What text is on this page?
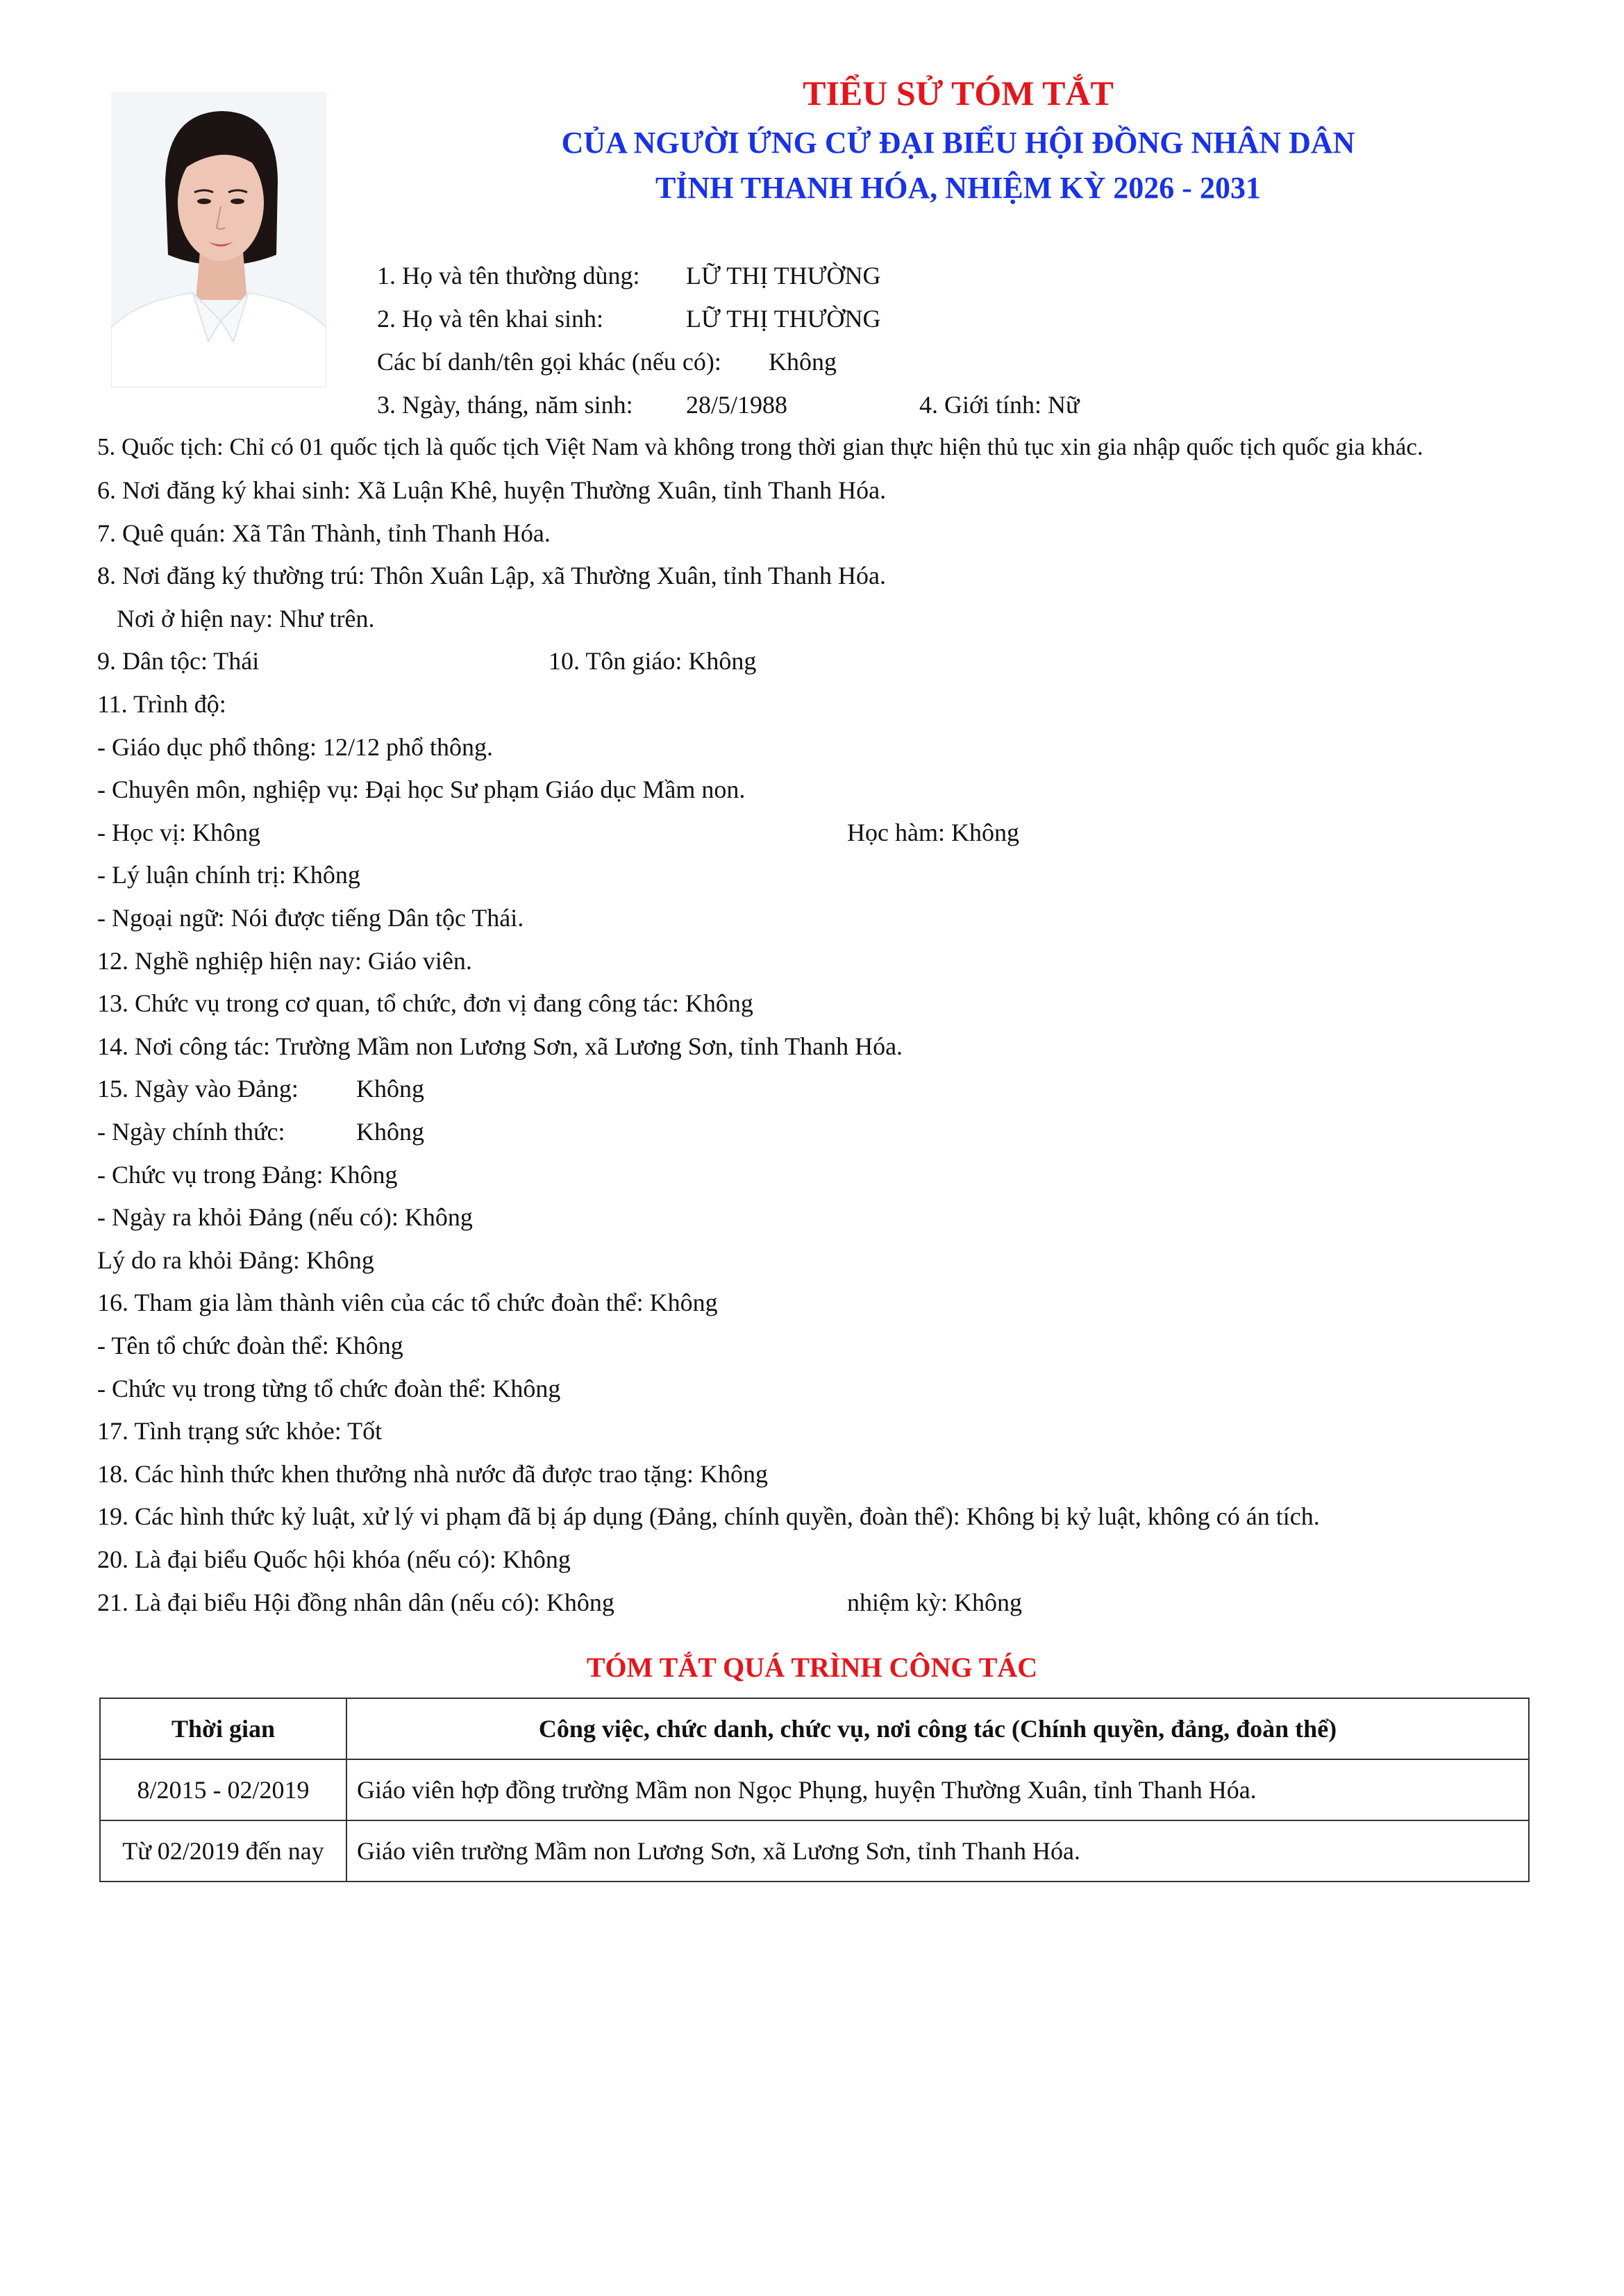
TIỂU SỬ TÓM TẮT
CỦA NGƯỜI ỨNG CỬ ĐẠI BIỂU HỘI ĐỒNG NHÂN DÂN
TỈNH THANH HÓA, NHIỆM KỲ 2026 - 2031
1. Họ và tên thường dùng: LỮ THỊ THƯỜNG
2. Họ và tên khai sinh:	LỮ THỊ THƯỜNG
Các bí danh/tên gọi khác (nếu có): Không
3. Ngày, tháng, năm sinh: 28/5/1988	4. Giới tính: Nữ
5. Quốc tịch: Chỉ có 01 quốc tịch là quốc tịch Việt Nam và không trong thời gian thực hiện thủ tục xin gia nhập quốc tịch quốc gia khác.
6. Nơi đăng ký khai sinh: Xã Luận Khê, huyện Thường Xuân, tỉnh Thanh Hóa.
7. Quê quán: Xã Tân Thành, tỉnh Thanh Hóa.
8. Nơi đăng ký thường trú: Thôn Xuân Lập, xã Thường Xuân, tỉnh Thanh Hóa.
Nơi ở hiện nay: Như trên.
9. Dân tộc: Thái	10. Tôn giáo: Không
11. Trình độ:
- Giáo dục phổ thông: 12/12 phổ thông.
- Chuyên môn, nghiệp vụ: Đại học Sư phạm Giáo dục Mầm non.
- Học vị: Không	Học hàm: Không
- Lý luận chính trị: Không
- Ngoại ngữ: Nói được tiếng Dân tộc Thái.
12. Nghề nghiệp hiện nay: Giáo viên.
13. Chức vụ trong cơ quan, tổ chức, đơn vị đang công tác: Không
14. Nơi công tác: Trường Mầm non Lương Sơn, xã Lương Sơn, tỉnh Thanh Hóa.
15. Ngày vào Đảng: Không
- Ngày chính thức:	Không
- Chức vụ trong Đảng: Không
- Ngày ra khỏi Đảng (nếu có): Không
Lý do ra khỏi Đảng: Không
16. Tham gia làm thành viên của các tổ chức đoàn thể: Không
- Tên tổ chức đoàn thể: Không
- Chức vụ trong từng tổ chức đoàn thể: Không
17. Tình trạng sức khỏe: Tốt
18. Các hình thức khen thưởng nhà nước đã được trao tặng: Không
19. Các hình thức kỷ luật, xử lý vi phạm đã bị áp dụng (Đảng, chính quyền, đoàn thể): Không bị kỷ luật, không có án tích.
20. Là đại biểu Quốc hội khóa (nếu có): Không
21. Là đại biểu Hội đồng nhân dân (nếu có): Không	nhiệm kỳ: Không
TÓM TẮT QUÁ TRÌNH CÔNG TÁC
Thời gian	Công việc, chức danh, chức vụ, nơi công tác (Chính quyền, đảng, đoàn thể)
8/2015 - 02/2019	Giáo viên hợp đồng trường Mầm non Ngọc Phụng, huyện Thường Xuân, tỉnh Thanh Hóa.
Từ 02/2019 đến nay	Giáo viên trường Mầm non Lương Sơn, xã Lương Sơn, tỉnh Thanh Hóa.
